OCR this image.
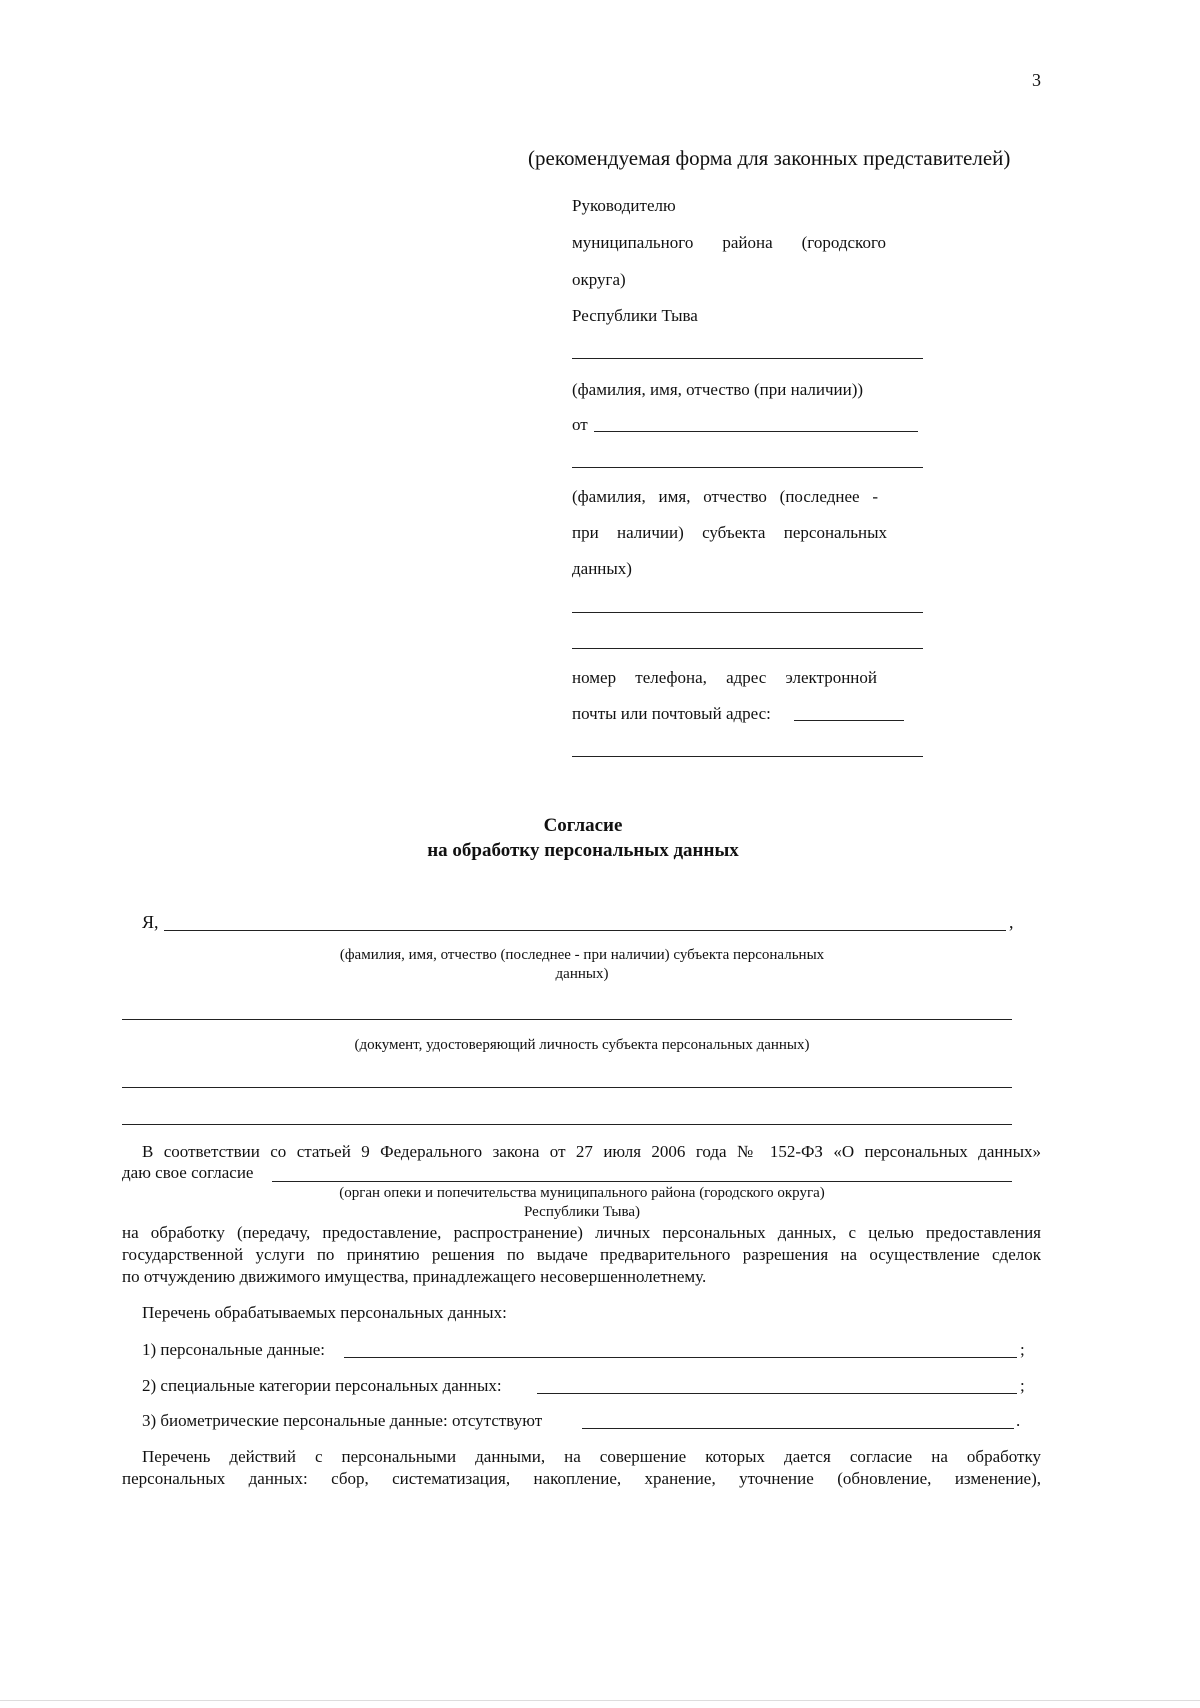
3
(рекомендуемая форма для законных представителей)
Руководителю
муниципального района (городского
округа)
Республики Тыва
(фамилия, имя, отчество (при наличии))
от
(фамилия, имя, отчество (последнее -
при наличии) субъекта персональных
данных)
номер телефона, адрес электронной
почты или почтовый адрес:
Согласие
на обработку персональных данных
Я,	,
(фамилия, имя, отчество (последнее - при наличии) субъекта персональных
данных)
(документ, удостоверяющий личность субъекта персональных данных)
В соответствии со статьей 9 Федерального закона от 27 июля 2006 года № 152-ФЗ «О персональных данных»
даю свое согласие
(орган опеки и попечительства муниципального района (городского округа)
Республики Тыва)
на обработку (передачу, предоставление, распространение) личных персональных данных, с целью предоставления
государственной услуги по принятию решения по выдаче предварительного разрешения на осуществление сделок
по отчуждению движимого имущества, принадлежащего несовершеннолетнему.
Перечень обрабатываемых персональных данных:
1) персональные данные:	;
2) специальные категории персональных данных:	;
3) биометрические персональные данные: отсутствуют	.
Перечень действий с персональными данными, на совершение которых дается согласие на обработку
персональных данных: сбор, систематизация, накопление, хранение, уточнение (обновление, изменение),
